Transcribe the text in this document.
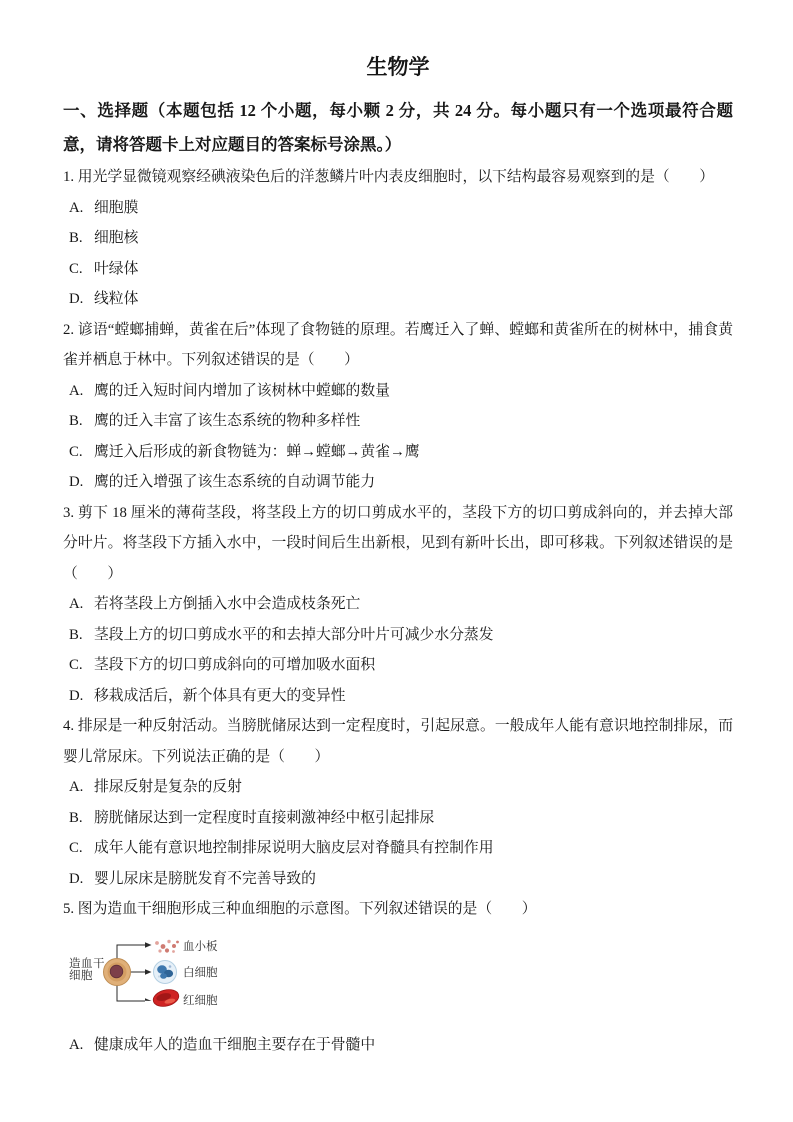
生物学

一、选择题（本题包括 12 个小题，每小颗 2 分，共 24 分。每小题只有一个选项最符合题意，请将答题卡上对应题目的答案标号涂黑。）

1. 用光学显微镜观察经碘液染色后的洋葱鳞片叶内表皮细胞时，以下结构最容易观察到的是（　　）

A. 细胞膜

B. 细胞核

C. 叶绿体

D. 线粒体

2. 谚语“螳螂捕蝉，黄雀在后”体现了食物链的原理。若鹰迁入了蝉、螳螂和黄雀所在的树林中，捕食黄雀并栖息于林中。下列叙述错误的是（　　）

A. 鹰的迁入短时间内增加了该树林中螳螂的数量

B. 鹰的迁入丰富了该生态系统的物种多样性

C. 鹰迁入后形成的新食物链为：蝉→螳螂→黄雀→鹰

D. 鹰的迁入增强了该生态系统的自动调节能力

3. 剪下 18 厘米的薄荷茎段，将茎段上方的切口剪成水平的，茎段下方的切口剪成斜向的，并去掉大部分叶片。将茎段下方插入水中，一段时间后生出新根，见到有新叶长出，即可移栽。下列叙述错误的是（　　）

A. 若将茎段上方倒插入水中会造成枝条死亡

B. 茎段上方的切口剪成水平的和去掉大部分叶片可减少水分蒸发

C. 茎段下方的切口剪成斜向的可增加吸水面积

D. 移栽成活后，新个体具有更大的变异性

4. 排尿是一种反射活动。当膀胱储尿达到一定程度时，引起尿意。一般成年人能有意识地控制排尿，而婴儿常尿床。下列说法正确的是（　　）

A. 排尿反射是复杂的反射

B. 膀胱储尿达到一定程度时直接刺激神经中枢引起排尿

C. 成年人能有意识地控制排尿说明大脑皮层对脊髓具有控制作用

D. 婴儿尿床是膀胱发育不完善导致的

5. 图为造血干细胞形成三种血细胞的示意图。下列叙述错误的是（　　）

造血干细胞
血小板
白细胞
红细胞

A. 健康成年人的造血干细胞主要存在于骨髓中
